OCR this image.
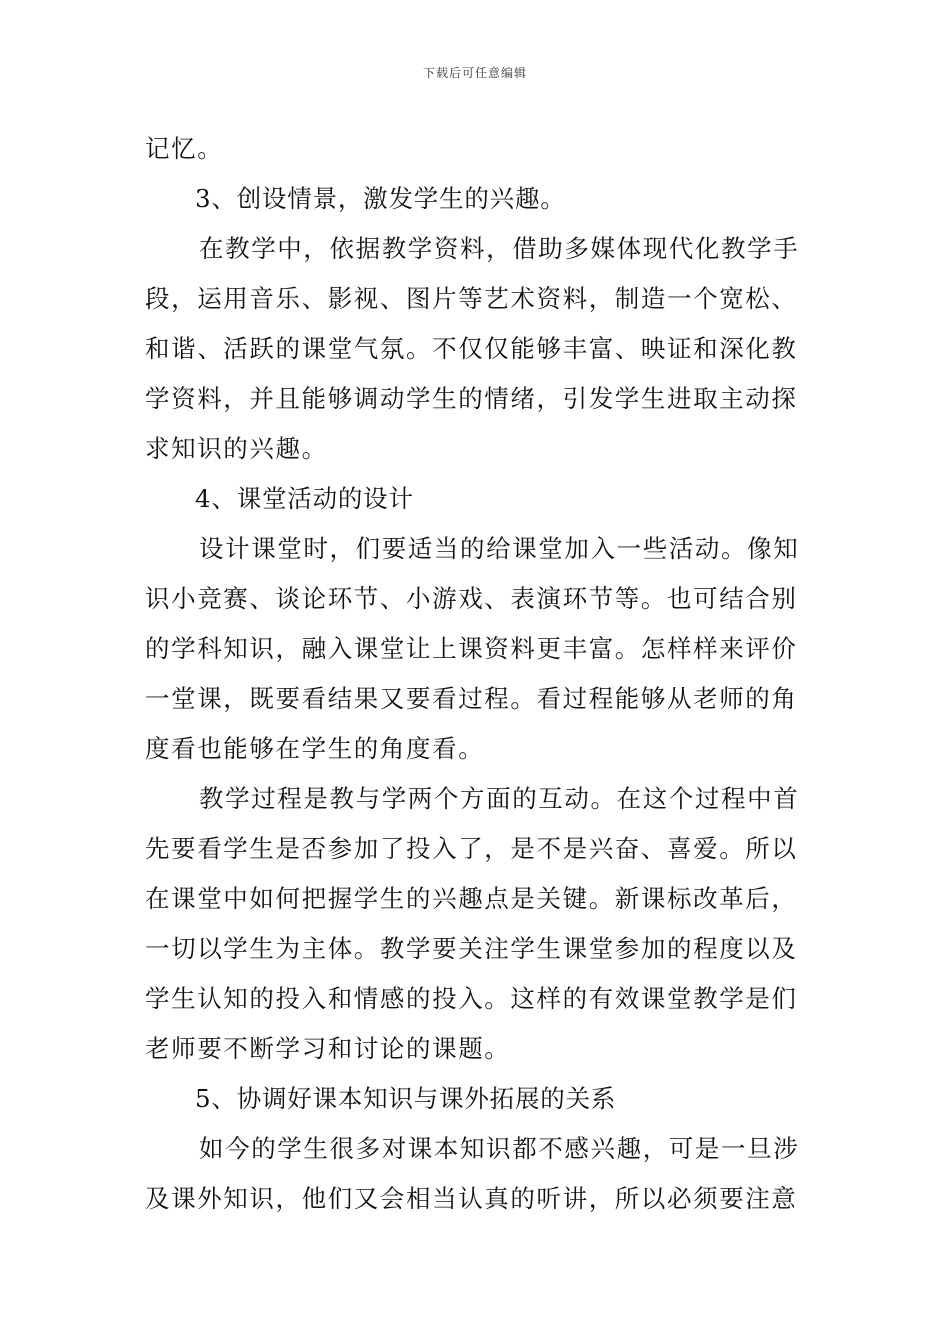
下载后可任意编辑
记忆。
3、创设情景，激发学生的兴趣。
在教学中，依据教学资料，借助多媒体现代化教学手
段，运用音乐、影视、图片等艺术资料，制造一个宽松、
和谐、活跃的课堂气氛。不仅仅能够丰富、映证和深化教
学资料，并且能够调动学生的情绪，引发学生进取主动探
求知识的兴趣。
4、课堂活动的设计
设计课堂时，们要适当的给课堂加入一些活动。像知
识小竞赛、谈论环节、小游戏、表演环节等。也可结合别
的学科知识，融入课堂让上课资料更丰富。怎样样来评价
一堂课，既要看结果又要看过程。看过程能够从老师的角
度看也能够在学生的角度看。
教学过程是教与学两个方面的互动。在这个过程中首
先要看学生是否参加了投入了，是不是兴奋、喜爱。所以
在课堂中如何把握学生的兴趣点是关键。新课标改革后，
一切以学生为主体。教学要关注学生课堂参加的程度以及
学生认知的投入和情感的投入。这样的有效课堂教学是们
老师要不断学习和讨论的课题。
5、协调好课本知识与课外拓展的关系
如今的学生很多对课本知识都不感兴趣，可是一旦涉
及课外知识，他们又会相当认真的听讲，所以必须要注意
